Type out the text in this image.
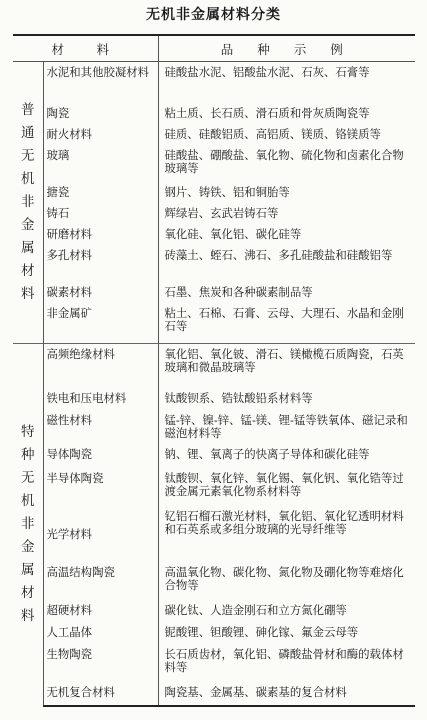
无机非金属材料分类
材　料		品 种 示 例
普通无机非金属材料	水泥和其他胶凝材料	硅酸盐水泥、铝酸盐水泥、石灰、石膏等

	陶瓷	粘土质、长石质、滑石质和骨灰质陶瓷等

	耐火材料	硅质、硅酸铝质、高铝质、镁质、铬镁质等

	玻璃	硅酸盐、硼酸盐、氧化物、硫化物和卤素化合物玻璃等

	搪瓷	钢片、铸铁、铝和铜胎等

	铸石	辉绿岩、玄武岩铸石等

	研磨材料	氧化硅、氧化铝、碳化硅等

	多孔材料	砖藻土、蛭石、沸石、多孔硅酸盐和硅酸铝等

	碳素材料	石墨、焦炭和各种碳素制品等

	非金属矿	粘土、石棉、石膏、云母、大理石、水晶和金刚石等

特种无机非金属材料	高频绝缘材料	氧化铝、氧化铍、滑石、镁橄榄石质陶瓷，石英玻璃和微晶玻璃等

	铁电和压电材料	钛酸钡系、锆钛酸铅系材料等

	磁性材料	锰-锌、镍-锌、锰-镁、锂-锰等铁氧体、磁记录和磁泡材料等

	导体陶瓷	钠、锂、氧离子的快离子导体和碳化硅等

	半导体陶瓷	钛酸钡、氧化锌、氧化锡、氧化钒、氧化锆等过渡金属元素氧化物系材料等

	光学材料	钇铝石榴石激光材料，氧化铝、氧化钇透明材料和石英系或多组分玻璃的光导纤维等

	高温结构陶瓷	高温氧化物、碳化物、氮化物及硼化物等难熔化合物等

	超硬材料	碳化钛、人造金刚石和立方氮化硼等

	人工晶体	铌酸锂、钽酸锂、砷化镓、氟金云母等

	生物陶瓷	长石质齿材，氧化铝、磷酸盐骨材和酶的载体材料等

	无机复合材料	陶瓷基、金属基、碳素基的复合材料
